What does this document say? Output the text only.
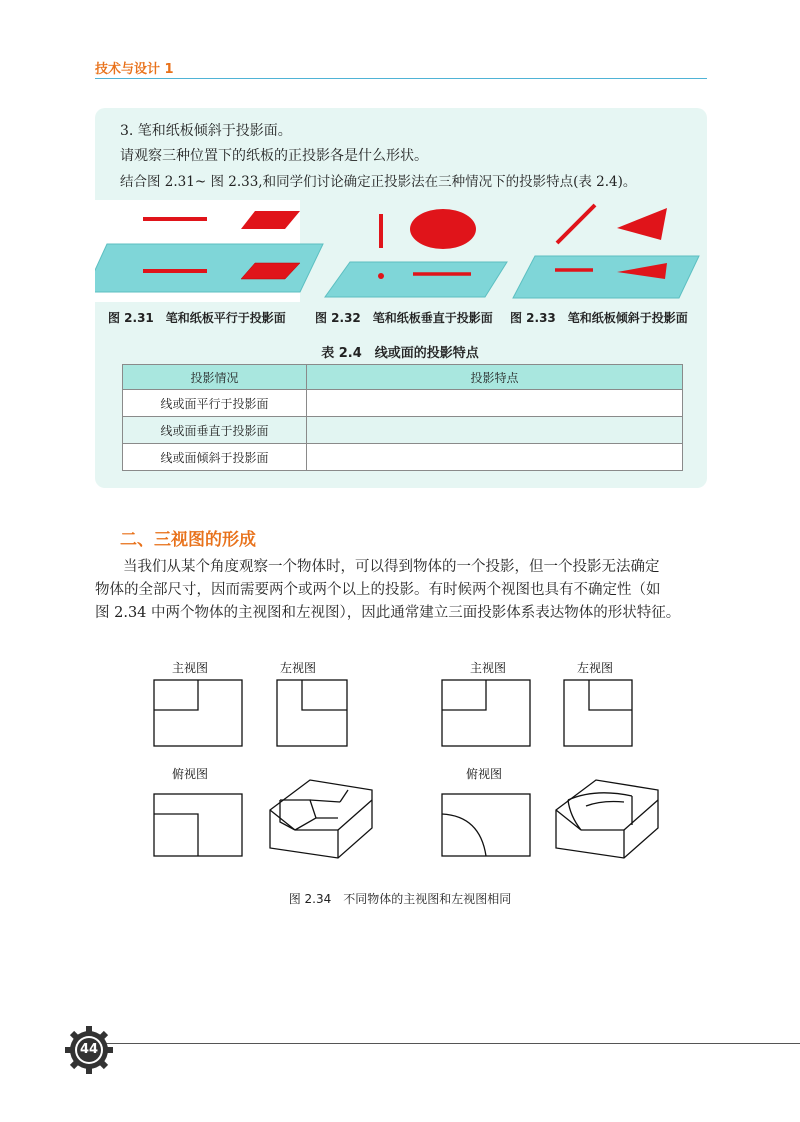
技术与设计 1
3. 笔和纸板倾斜于投影面。
请观察三种位置下的纸板的正投影各是什么形状。
结合图 2.31~ 图 2.33,和同学们讨论确定正投影法在三种情况下的投影特点(表 2.4)。
图 2.31　笔和纸板平行于投影面 图 2.32　笔和纸板垂直于投影面 图 2.33　笔和纸板倾斜于投影面
表 2.4　线或面的投影特点
投影情况	投影特点
线或面平行于投影面	
线或面垂直于投影面	
线或面倾斜于投影面	
二、三视图的形成

当我们从某个角度观察一个物体时，可以得到物体的一个投影，但一个投影无法确定

物体的全部尺寸，因而需要两个或两个以上的投影。有时候两个视图也具有不确定性（如

图 2.34 中两个物体的主视图和左视图），因此通常建立三面投影体系表达物体的形状特征。

主视图	左视图
俯视图
主视图	左视图
俯视图
图 2.34　不同物体的主视图和左视图相同
44
